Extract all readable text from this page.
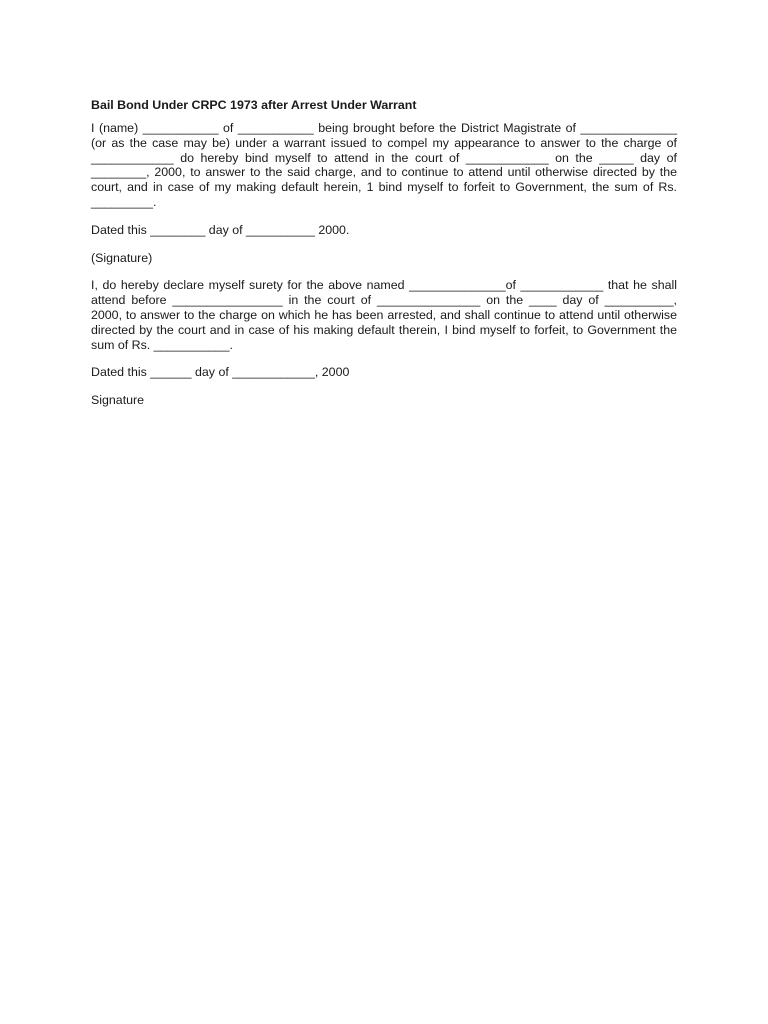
Bail Bond Under CRPC 1973 after Arrest Under Warrant
I (name) ___________ of ___________ being brought before the District Magistrate of ______________ (or as the case may be) under a warrant issued to compel my appearance to answer to the charge of ____________ do hereby bind myself to attend in the court of ____________ on the _____ day of ________, 2000, to answer to the said charge, and to continue to attend until otherwise directed by the court, and in case of my making default herein, 1 bind myself to forfeit to Government, the sum of Rs. _________.
Dated this ________ day of __________ 2000.
(Signature)
I, do hereby declare myself surety for the above named ______________of ____________ that he shall attend before ________________ in the court of _______________ on the ____ day of __________, 2000, to answer to the charge on which he has been arrested, and shall continue to attend until otherwise directed by the court and in case of his making default therein, I bind myself to forfeit, to Government the sum of Rs. ___________.
Dated this ______ day of ____________, 2000
Signature
